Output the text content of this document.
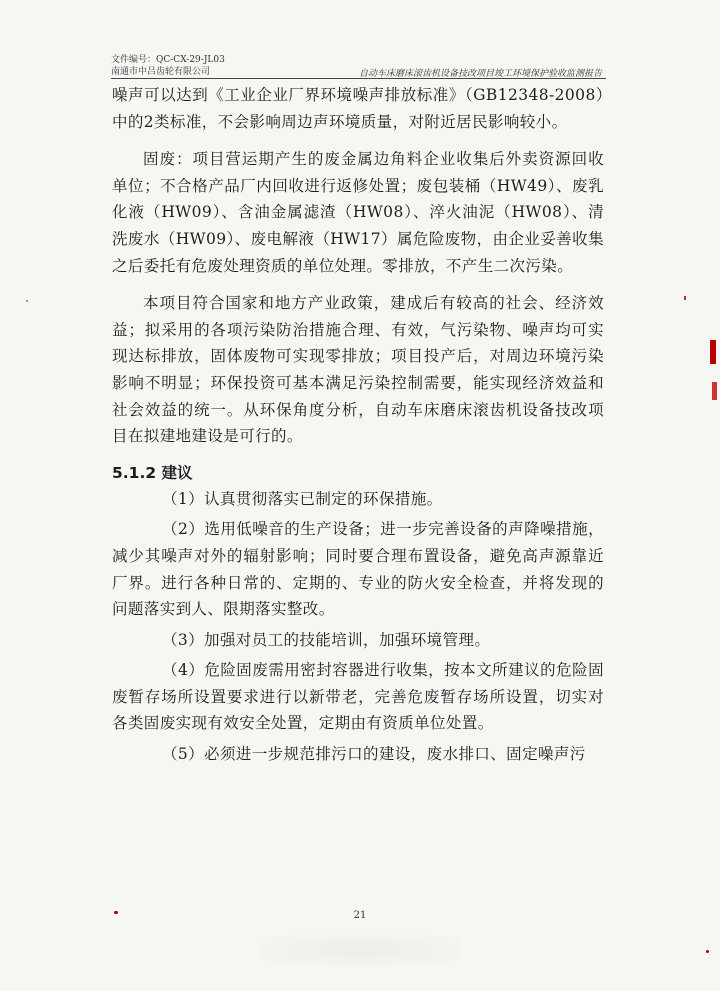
文件编号：QC-CX-29-JL03
南通市中吕齿轮有限公司	自动车床磨床滚齿机设备技改项目竣工环境保护验收监测报告

噪声可以达到《工业企业厂界环境噪声排放标准》（GB12348-2008）中的2类标准，不会影响周边声环境质量，对附近居民影响较小。

固废：项目营运期产生的废金属边角料企业收集后外卖资源回收单位；不合格产品厂内回收进行返修处置；废包装桶（HW49）、废乳化液（HW09）、含油金属滤渣（HW08）、淬火油泥（HW08）、清洗废水（HW09）、废电解液（HW17）属危险废物，由企业妥善收集之后委托有危废处理资质的单位处理。零排放，不产生二次污染。

本项目符合国家和地方产业政策，建成后有较高的社会、经济效益；拟采用的各项污染防治措施合理、有效，气污染物、噪声均可实现达标排放，固体废物可实现零排放；项目投产后，对周边环境污染影响不明显；环保投资可基本满足污染控制需要，能实现经济效益和社会效益的统一。从环保角度分析，自动车床磨床滚齿机设备技改项目在拟建地建设是可行的。

5.1.2 建议

（1）认真贯彻落实已制定的环保措施。

（2）选用低噪音的生产设备；进一步完善设备的声降噪措施，减少其噪声对外的辐射影响；同时要合理布置设备，避免高声源靠近厂界。进行各种日常的、定期的、专业的防火安全检查，并将发现的问题落实到人、限期落实整改。

（3）加强对员工的技能培训，加强环境管理。

（4）危险固废需用密封容器进行收集，按本文所建议的危险固废暂存场所设置要求进行以新带老，完善危废暂存场所设置，切实对各类固废实现有效安全处置，定期由有资质单位处置。

（5）必须进一步规范排污口的建设，废水排口、固定噪声污

21
